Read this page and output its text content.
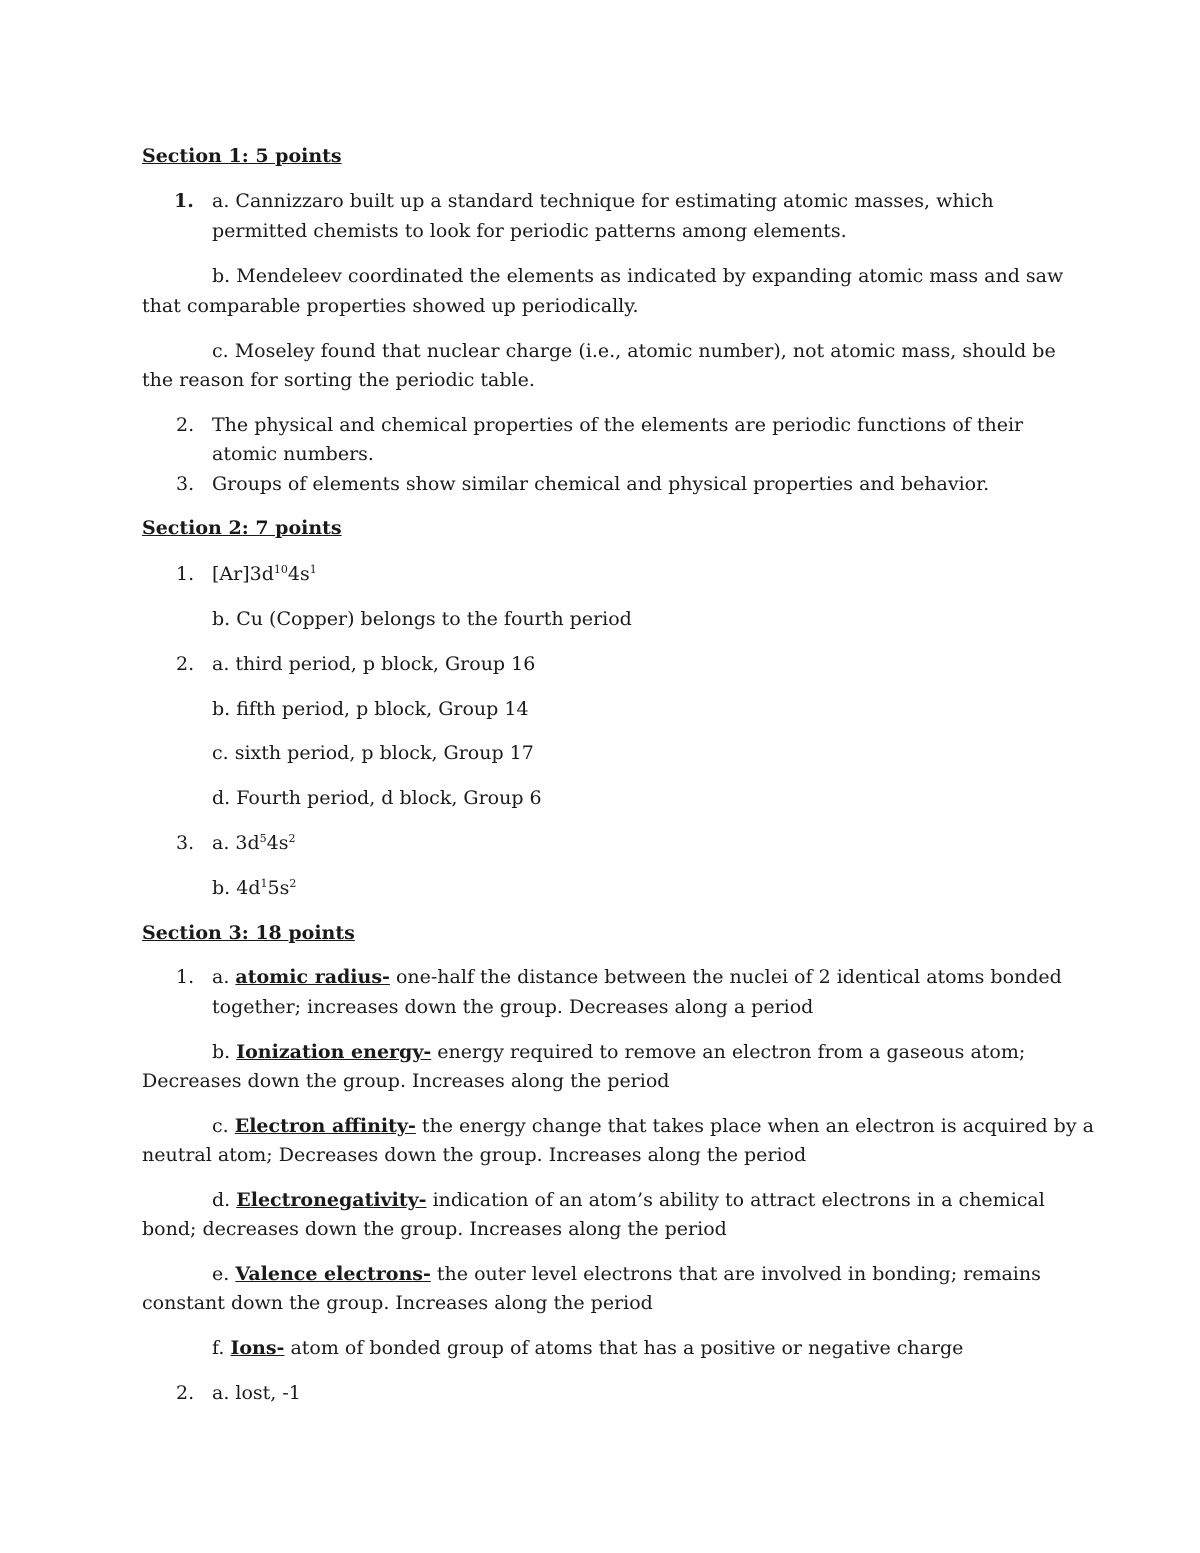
Section 1: 5 points
1. a. Cannizzaro built up a standard technique for estimating atomic masses, which
permitted chemists to look for periodic patterns among elements.
b. Mendeleev coordinated the elements as indicated by expanding atomic mass and saw
that comparable properties showed up periodically.
c. Moseley found that nuclear charge (i.e., atomic number), not atomic mass, should be
the reason for sorting the periodic table.
2. The physical and chemical properties of the elements are periodic functions of their
atomic numbers.
3. Groups of elements show similar chemical and physical properties and behavior.
Section 2: 7 points
1. $[Ar]3d^{10}4s^1$
b. Cu (Copper) belongs to the fourth period
2. a. third period, p block, Group 16
b. fifth period, p block, Group 14
c. sixth period, p block, Group 17
d. Fourth period, d block, Group 6
3. a. $3d^54s^2$
b. $4d^15s^2$
Section 3: 18 points
1. a. atomic radius- one-half the distance between the nuclei of 2 identical atoms bonded
together; increases down the group. Decreases along a period
b. Ionization energy- energy required to remove an electron from a gaseous atom;
Decreases down the group. Increases along the period
c. Electron affinity- the energy change that takes place when an electron is acquired by a
neutral atom; Decreases down the group. Increases along the period
d. Electronegativity- indication of an atom’s ability to attract electrons in a chemical
bond; decreases down the group. Increases along the period
e. Valence electrons- the outer level electrons that are involved in bonding; remains
constant down the group. Increases along the period
f. Ions- atom of bonded group of atoms that has a positive or negative charge
2. a. lost, -1
